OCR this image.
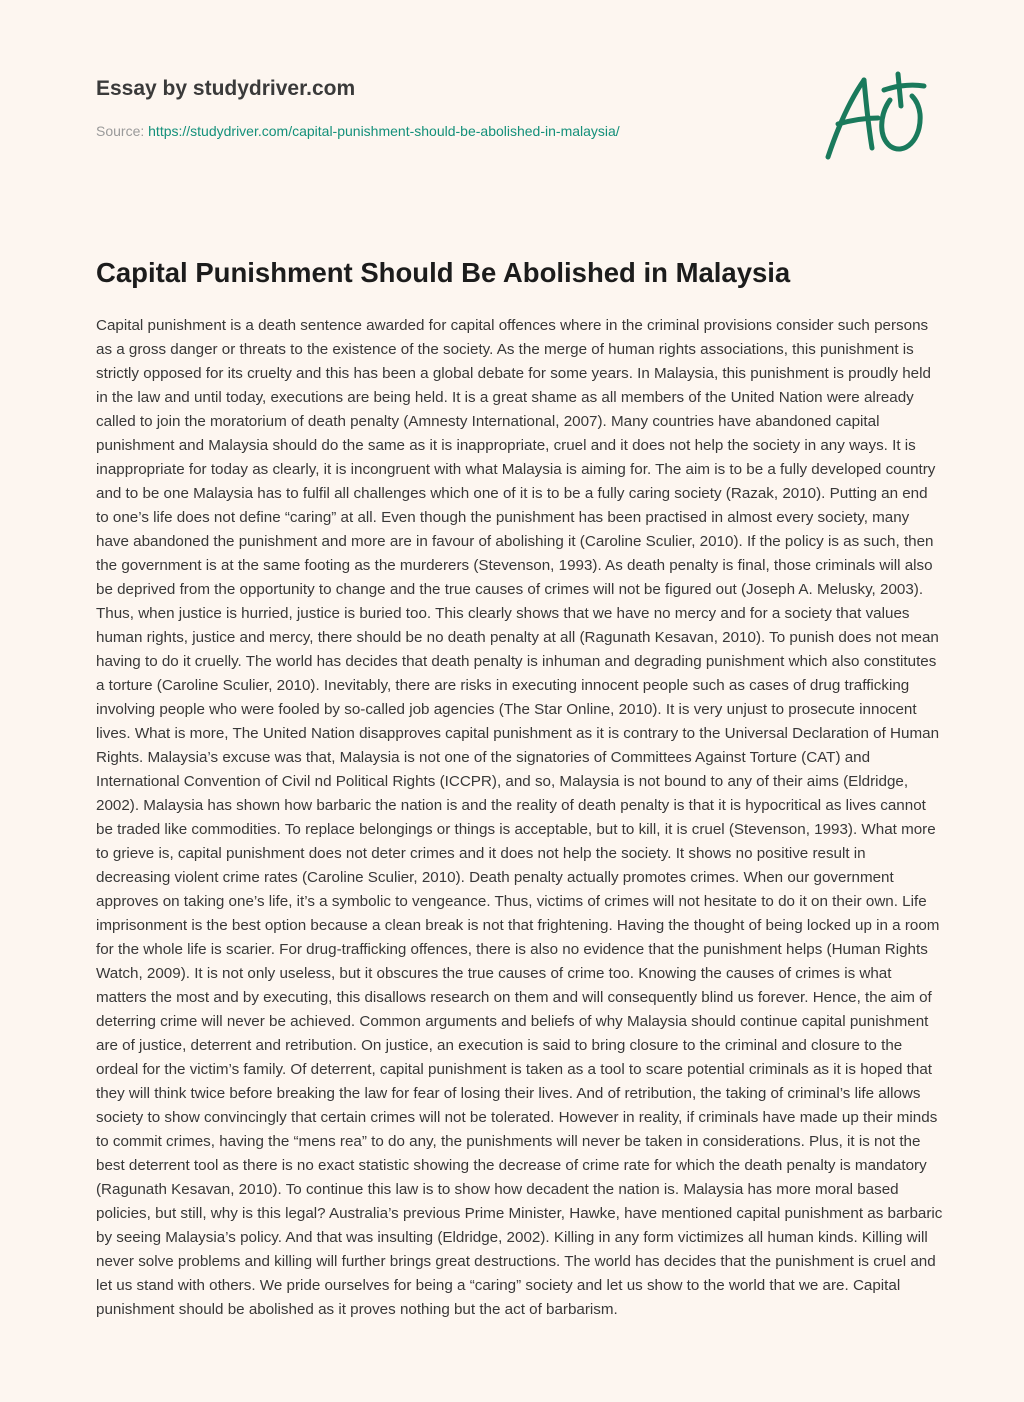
Essay by studydriver.com

Source: https://studydriver.com/capital-punishment-should-be-abolished-in-malaysia/

Capital Punishment Should Be Abolished in Malaysia

Capital punishment is a death sentence awarded for capital offences where in the criminal provisions consider such persons as a gross danger or threats to the existence of the society. As the merge of human rights associations, this punishment is strictly opposed for its cruelty and this has been a global debate for some years. In Malaysia, this punishment is proudly held in the law and until today, executions are being held. It is a great shame as all members of the United Nation were already called to join the moratorium of death penalty (Amnesty International, 2007). Many countries have abandoned capital punishment and Malaysia should do the same as it is inappropriate, cruel and it does not help the society in any ways. It is inappropriate for today as clearly, it is incongruent with what Malaysia is aiming for. The aim is to be a fully developed country and to be one Malaysia has to fulfil all challenges which one of it is to be a fully caring society (Razak, 2010). Putting an end to one’s life does not define “caring” at all. Even though the punishment has been practised in almost every society, many have abandoned the punishment and more are in favour of abolishing it (Caroline Sculier, 2010). If the policy is as such, then the government is at the same footing as the murderers (Stevenson, 1993). As death penalty is final, those criminals will also be deprived from the opportunity to change and the true causes of crimes will not be figured out (Joseph A. Melusky, 2003). Thus, when justice is hurried, justice is buried too. This clearly shows that we have no mercy and for a society that values human rights, justice and mercy, there should be no death penalty at all (Ragunath Kesavan, 2010). To punish does not mean having to do it cruelly. The world has decides that death penalty is inhuman and degrading punishment which also constitutes a torture (Caroline Sculier, 2010). Inevitably, there are risks in executing innocent people such as cases of drug trafficking involving people who were fooled by so-called job agencies (The Star Online, 2010). It is very unjust to prosecute innocent lives. What is more, The United Nation disapproves capital punishment as it is contrary to the Universal Declaration of Human Rights. Malaysia’s excuse was that, Malaysia is not one of the signatories of Committees Against Torture (CAT) and International Convention of Civil nd Political Rights (ICCPR), and so, Malaysia is not bound to any of their aims (Eldridge, 2002). Malaysia has shown how barbaric the nation is and the reality of death penalty is that it is hypocritical as lives cannot be traded like commodities. To replace belongings or things is acceptable, but to kill, it is cruel (Stevenson, 1993). What more to grieve is, capital punishment does not deter crimes and it does not help the society. It shows no positive result in decreasing violent crime rates (Caroline Sculier, 2010). Death penalty actually promotes crimes. When our government approves on taking one’s life, it’s a symbolic to vengeance. Thus, victims of crimes will not hesitate to do it on their own. Life imprisonment is the best option because a clean break is not that frightening. Having the thought of being locked up in a room for the whole life is scarier. For drug-trafficking offences, there is also no evidence that the punishment helps (Human Rights Watch, 2009). It is not only useless, but it obscures the true causes of crime too. Knowing the causes of crimes is what matters the most and by executing, this disallows research on them and will consequently blind us forever. Hence, the aim of deterring crime will never be achieved. Common arguments and beliefs of why Malaysia should continue capital punishment are of justice, deterrent and retribution. On justice, an execution is said to bring closure to the criminal and closure to the ordeal for the victim’s family. Of deterrent, capital punishment is taken as a tool to scare potential criminals as it is hoped that they will think twice before breaking the law for fear of losing their lives. And of retribution, the taking of criminal’s life allows society to show convincingly that certain crimes will not be tolerated. However in reality, if criminals have made up their minds to commit crimes, having the “mens rea” to do any, the punishments will never be taken in considerations. Plus, it is not the best deterrent tool as there is no exact statistic showing the decrease of crime rate for which the death penalty is mandatory (Ragunath Kesavan, 2010). To continue this law is to show how decadent the nation is. Malaysia has more moral based policies, but still, why is this legal? Australia’s previous Prime Minister, Hawke, have mentioned capital punishment as barbaric by seeing Malaysia’s policy. And that was insulting (Eldridge, 2002). Killing in any form victimizes all human kinds. Killing will never solve problems and killing will further brings great destructions. The world has decides that the punishment is cruel and let us stand with others. We pride ourselves for being a “caring” society and let us show to the world that we are. Capital punishment should be abolished as it proves nothing but the act of barbarism.
